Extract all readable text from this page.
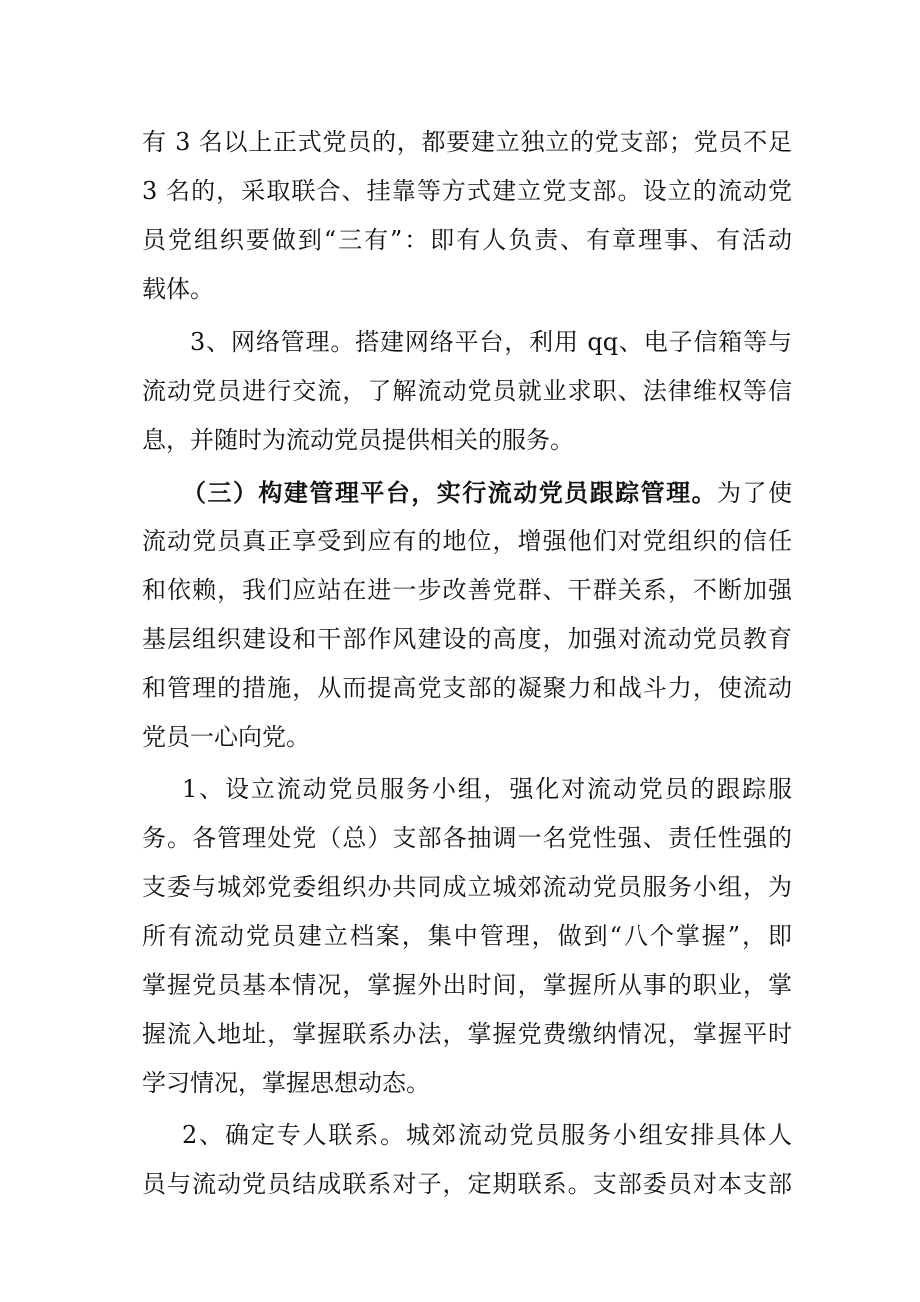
有 3 名以上正式党员的，都要建立独立的党支部；党员不足
3 名的，采取联合、挂靠等方式建立党支部。设立的流动党
员党组织要做到“三有”：即有人负责、有章理事、有活动
载体。
3、网络管理。搭建网络平台，利用 qq、电子信箱等与
流动党员进行交流，了解流动党员就业求职、法律维权等信
息，并随时为流动党员提供相关的服务。
（三）构建管理平台，实行流动党员跟踪管理。为了使
流动党员真正享受到应有的地位，增强他们对党组织的信任
和依赖，我们应站在进一步改善党群、干群关系，不断加强
基层组织建设和干部作风建设的高度，加强对流动党员教育
和管理的措施，从而提高党支部的凝聚力和战斗力，使流动
党员一心向党。
1、设立流动党员服务小组，强化对流动党员的跟踪服
务。各管理处党（总）支部各抽调一名党性强、责任性强的
支委与城郊党委组织办共同成立城郊流动党员服务小组，为
所有流动党员建立档案，集中管理，做到“八个掌握”，即
掌握党员基本情况，掌握外出时间，掌握所从事的职业，掌
握流入地址，掌握联系办法，掌握党费缴纳情况，掌握平时
学习情况，掌握思想动态。
2、确定专人联系。城郊流动党员服务小组安排具体人
员与流动党员结成联系对子，定期联系。支部委员对本支部
